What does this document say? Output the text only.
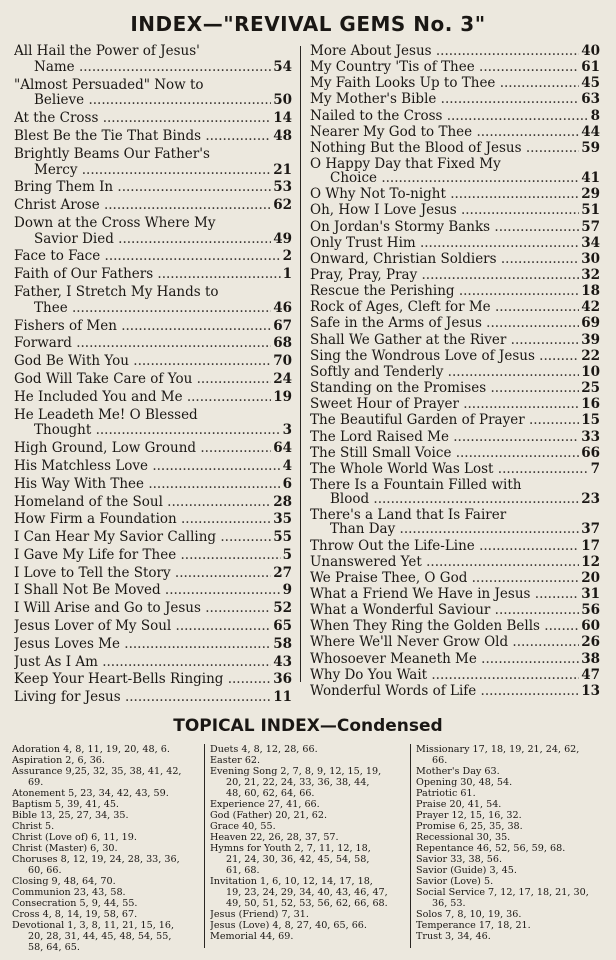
INDEX—"REVIVAL GEMS No. 3"
All Hail the Power of Jesus'
Name .....	54
"Almost Persuaded" Now to
Believe .....	50
At the Cross .....	14
Blest Be the Tie That Binds .....	48
Brightly Beams Our Father's
Mercy .....	21
Bring Them In .....	53
Christ Arose .....	62
Down at the Cross Where My
Savior Died .....	49
Face to Face .....	2
Faith of Our Fathers .....	1
Father, I Stretch My Hands to
Thee .....	46
Fishers of Men .....	67
Forward .....	68
God Be With You .....	70
God Will Take Care of You .....	24
He Included You and Me .....	19
He Leadeth Me! O Blessed
Thought .....	3
High Ground, Low Ground .....	64
His Matchless Love .....	4
His Way With Thee .....	6
Homeland of the Soul .....	28
How Firm a Foundation .....	35
I Can Hear My Savior Calling .....	55
I Gave My Life for Thee .....	5
I Love to Tell the Story .....	27
I Shall Not Be Moved .....	9
I Will Arise and Go to Jesus .....	52
Jesus Lover of My Soul .....	65
Jesus Loves Me .....	58
Just As I Am .....	43
Keep Your Heart-Bells Ringing .....	36
Living for Jesus .....	11
More About Jesus .....	40
My Country 'Tis of Thee .....	61
My Faith Looks Up to Thee .....	45
My Mother's Bible .....	63
Nailed to the Cross .....	8
Nearer My God to Thee .....	44
Nothing But the Blood of Jesus .....	59
O Happy Day that Fixed My
Choice .....	41
O Why Not To-night .....	29
Oh, How I Love Jesus .....	51
On Jordan's Stormy Banks .....	57
Only Trust Him .....	34
Onward, Christian Soldiers .....	30
Pray, Pray, Pray .....	32
Rescue the Perishing .....	18
Rock of Ages, Cleft for Me .....	42
Safe in the Arms of Jesus .....	69
Shall We Gather at the River .....	39
Sing the Wondrous Love of Jesus .....	22
Softly and Tenderly .....	10
Standing on the Promises .....	25
Sweet Hour of Prayer .....	16
The Beautiful Garden of Prayer .....	15
The Lord Raised Me .....	33
The Still Small Voice .....	66
The Whole World Was Lost .....	7
There Is a Fountain Filled with
Blood .....	23
There's a Land that Is Fairer
Than Day .....	37
Throw Out the Life-Line .....	17
Unanswered Yet .....	12
We Praise Thee, O God .....	20
What a Friend We Have in Jesus .....	31
What a Wonderful Saviour .....	56
When They Ring the Golden Bells .....	60
Where We'll Never Grow Old .....	26
Whosoever Meaneth Me .....	38
Why Do You Wait .....	47
Wonderful Words of Life .....	13
TOPICAL INDEX—Condensed
Adoration 4, 8, 11, 19, 20, 48, 6.
Aspiration 2, 6, 36.
Assurance 9,25, 32, 35, 38, 41, 42,
69.
Atonement 5, 23, 34, 42, 43, 59.
Baptism 5, 39, 41, 45.
Bible 13, 25, 27, 34, 35.
Christ 5.
Christ (Love of) 6, 11, 19.
Christ (Master) 6, 30.
Choruses 8, 12, 19, 24, 28, 33, 36,
60, 66.
Closing 9, 48, 64, 70.
Communion 23, 43, 58.
Consecration 5, 9, 44, 55.
Cross 4, 8, 14, 19, 58, 67.
Devotional 1, 3, 8, 11, 21, 15, 16,
20, 28, 31, 44, 45, 48, 54, 55,
58, 64, 65.
Duets 4, 8, 12, 28, 66.
Easter 62.
Evening Song 2, 7, 8, 9, 12, 15, 19,
20, 21, 22, 24, 33, 36, 38, 44,
48, 60, 62, 64, 66.
Experience 27, 41, 66.
God (Father) 20, 21, 62.
Grace 40, 55.
Heaven 22, 26, 28, 37, 57.
Hymns for Youth 2, 7, 11, 12, 18,
21, 24, 30, 36, 42, 45, 54, 58,
61, 68.
Invitation 1, 6, 10, 12, 14, 17, 18,
19, 23, 24, 29, 34, 40, 43, 46, 47,
49, 50, 51, 52, 53, 56, 62, 66, 68.
Jesus (Friend) 7, 31.
Jesus (Love) 4, 8, 27, 40, 65, 66.
Memorial 44, 69.
Missionary 17, 18, 19, 21, 24, 62,
66.
Mother's Day 63.
Opening 30, 48, 54.
Patriotic 61.
Praise 20, 41, 54.
Prayer 12, 15, 16, 32.
Promise 6, 25, 35, 38.
Recessional 30, 35.
Repentance 46, 52, 56, 59, 68.
Savior 33, 38, 56.
Savior (Guide) 3, 45.
Savior (Love) 5.
Social Service 7, 12, 17, 18, 21, 30,
36, 53.
Solos 7, 8, 10, 19, 36.
Temperance 17, 18, 21.
Trust 3, 34, 46.
